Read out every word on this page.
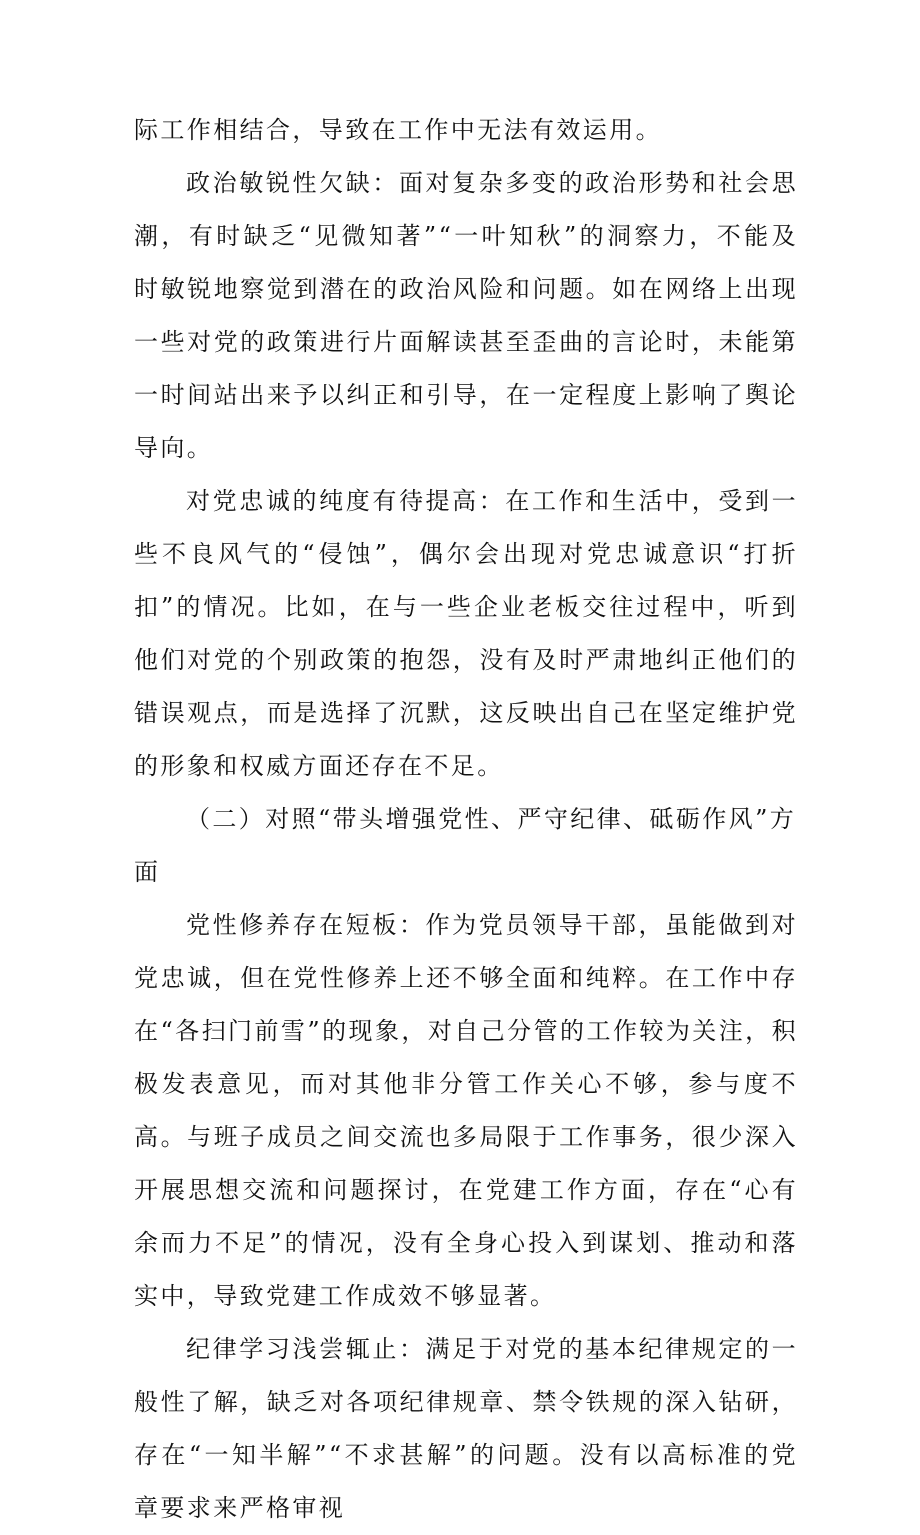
际工作相结合，导致在工作中无法有效运用。

政治敏锐性欠缺：面对复杂多变的政治形势和社会思潮，有时缺乏“见微知著”“一叶知秋”的洞察力，不能及时敏锐地察觉到潜在的政治风险和问题。如在网络上出现一些对党的政策进行片面解读甚至歪曲的言论时，未能第一时间站出来予以纠正和引导，在一定程度上影响了舆论导向。

对党忠诚的纯度有待提高：在工作和生活中，受到一些不良风气的“侵蚀”，偶尔会出现对党忠诚意识“打折扣”的情况。比如，在与一些企业老板交往过程中，听到他们对党的个别政策的抱怨，没有及时严肃地纠正他们的错误观点，而是选择了沉默，这反映出自己在坚定维护党的形象和权威方面还存在不足。

（二）对照“带头增强党性、严守纪律、砥砺作风”方面

党性修养存在短板：作为党员领导干部，虽能做到对党忠诚，但在党性修养上还不够全面和纯粹。在工作中存在“各扫门前雪”的现象，对自己分管的工作较为关注，积极发表意见，而对其他非分管工作关心不够，参与度不高。与班子成员之间交流也多局限于工作事务，很少深入开展思想交流和问题探讨，在党建工作方面，存在“心有余而力不足”的情况，没有全身心投入到谋划、推动和落实中，导致党建工作成效不够显著。

纪律学习浅尝辄止：满足于对党的基本纪律规定的一般性了解，缺乏对各项纪律规章、禁令铁规的深入钻研，存在“一知半解”“不求甚解”的问题。没有以高标准的党章要求来严格审视
